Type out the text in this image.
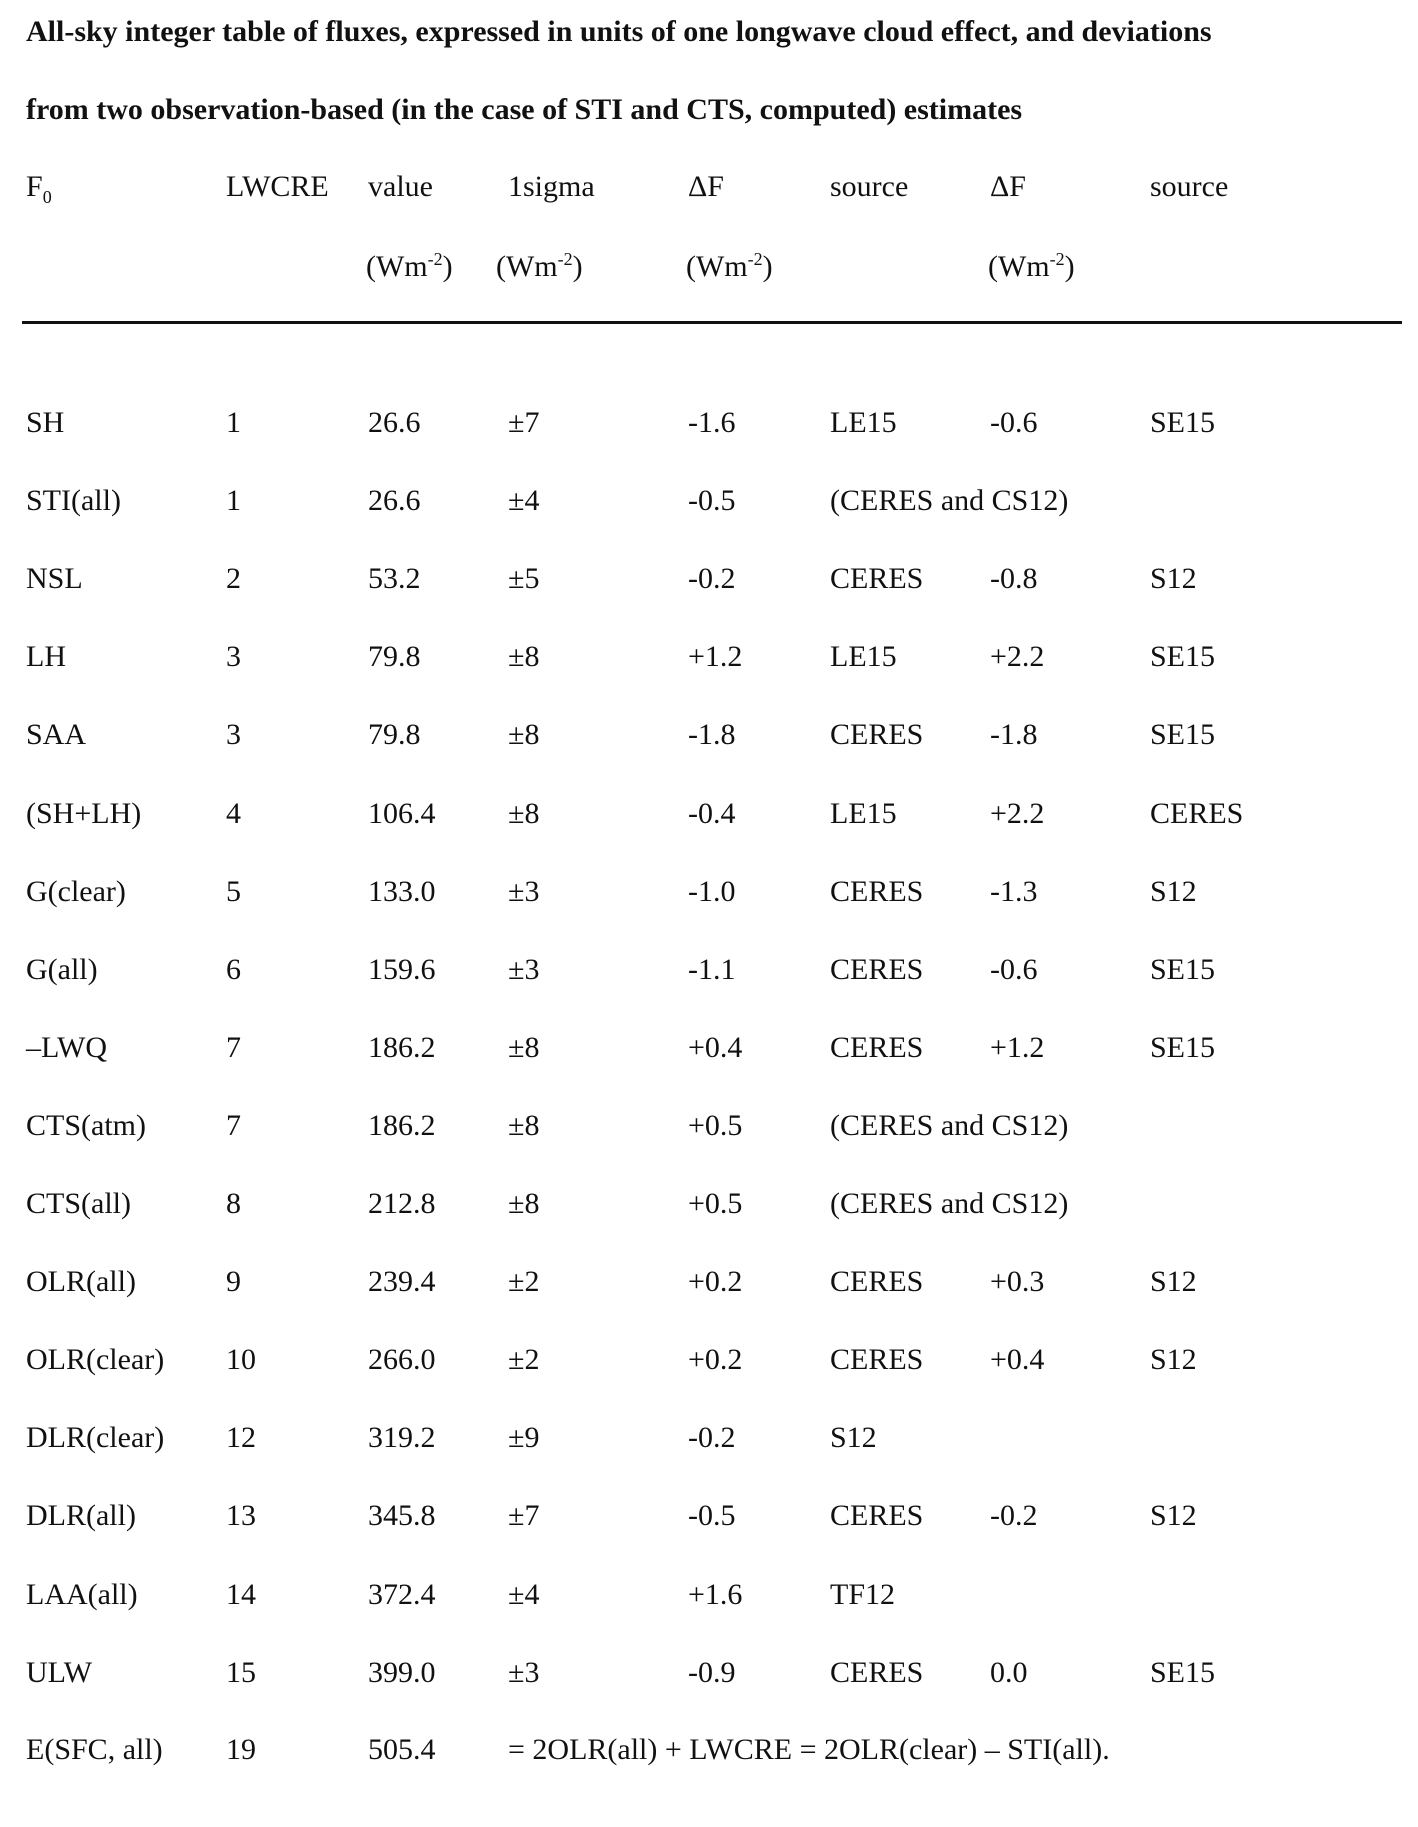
All-sky integer table of fluxes, expressed in units of one longwave cloud effect, and deviations
from two observation-based (in the case of STI and CTS, computed) estimates
$F_0$	LWCRE value	1sigma	ΔF	source	ΔF	source
$(Wm^{-2})$ $(Wm^{-2})$	$(Wm^{-2})$	$(Wm^{-2})$
SH	1	26.6	±7	-1.6	LE15	-0.6	SE15
STI(all)	1	26.6	±4	-0.5	(CERES and CS12)
NSL	2	53.2	±5	-0.2	CERES -0.8	S12
LH	3	79.8	±8	+1.2	LE15	+2.2	SE15
SAA	3	79.8	±8	-1.8	CERES -1.8	SE15
(SH+LH)	4	106.4 ±8	-0.4	LE15	+2.2	CERES
G(clear)	5	133.0 ±3	-1.0	CERES -1.3	S12
G(all)	6	159.6 ±3	-1.1	CERES -0.6	SE15
–LWQ	7	186.2 ±8	+0.4	CERES +1.2	SE15
CTS(atm)	7	186.2 ±8	+0.5	(CERES and CS12)
CTS(all)	8	212.8 ±8	+0.5	(CERES and CS12)
OLR(all)	9	239.4 ±2	+0.2	CERES +0.3	S12
OLR(clear) 10	266.0 ±2	+0.2	CERES +0.4	S12
DLR(clear) 12	319.2 ±9	-0.2	S12
DLR(all)	13	345.8 ±7	-0.5	CERES -0.2	S12
LAA(all)	14	372.4 ±4	+1.6	TF12
ULW	15	399.0 ±3	-0.9	CERES 0.0	SE15
E(SFC, all) 19	505.4 = 2OLR(all) + LWCRE = 2OLR(clear) – STI(all).
